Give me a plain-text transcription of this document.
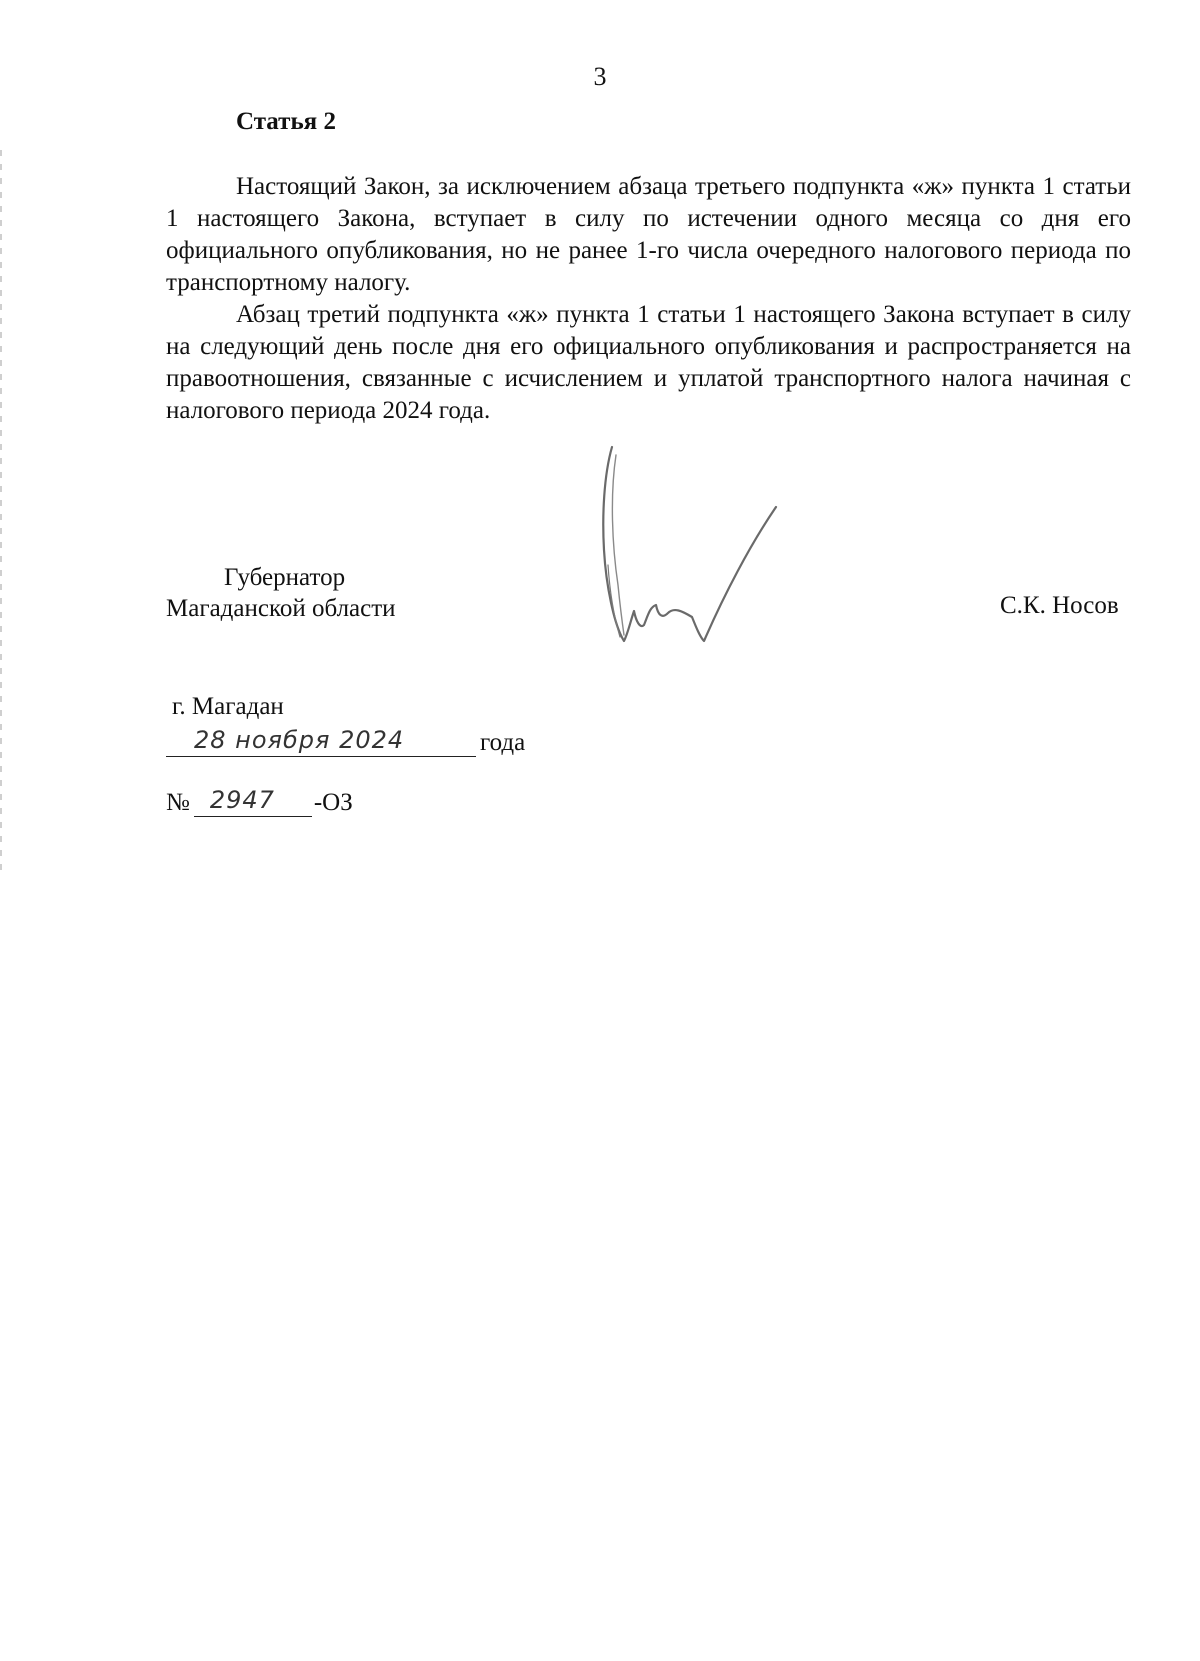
3
Статья 2

Настоящий Закон, за исключением абзаца третьего подпункта «ж» пункта 1 статьи 1 настоящего Закона, вступает в силу по истечении одного месяца со дня его официального опубликования, но не ранее 1-го числа очередного налогового периода по транспортному налогу.

Абзац третий подпункта «ж» пункта 1 статьи 1 настоящего Закона вступает в силу на следующий день после дня его официального опубликования и распространяется на правоотношения, связанные с исчислением и уплатой транспортного налога начиная с налогового периода 2024 года.

Губернатор
Магаданской области	С.К. Носов
г. Магадан
28 ноября 2024	года
№ 2947 -ОЗ
